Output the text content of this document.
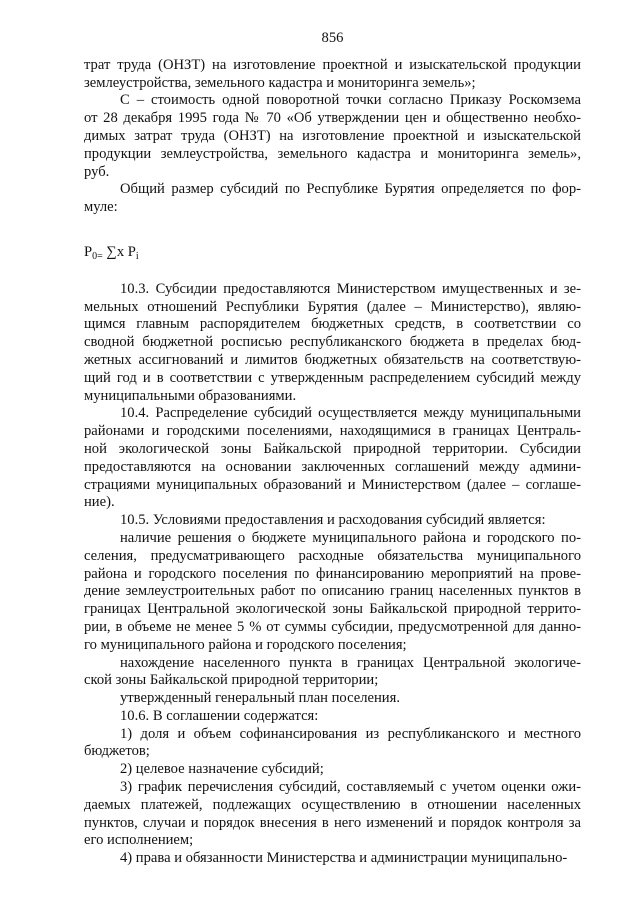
856

трат труда (ОНЗТ) на изготовление проектной и изыскательской продукции

землеустройства, земельного кадастра и мониторинга земель»;

С – стоимость одной поворотной точки согласно Приказу Роскомзема

от 28 декабря 1995 года № 70 «Об утверждении цен и общественно необхо-

димых затрат труда (ОНЗТ) на изготовление проектной и изыскательской

продукции землеустройства, земельного кадастра и мониторинга земель»,

руб.

Общий размер субсидий по Республике Бурятия определяется по фор-

муле:

$P_{0=}$ ∑x $P_i$

10.3. Субсидии предоставляются Министерством имущественных и зе-

мельных отношений Республики Бурятия (далее – Министерство), являю-

щимся главным распорядителем бюджетных средств, в соответствии со

сводной бюджетной росписью республиканского бюджета в пределах бюд-

жетных ассигнований и лимитов бюджетных обязательств на соответствую-

щий год и в соответствии с утвержденным распределением субсидий между

муниципальными образованиями.

10.4. Распределение субсидий осуществляется между муниципальными

районами и городскими поселениями, находящимися в границах Централь-

ной экологической зоны Байкальской природной территории. Субсидии

предоставляются на основании заключенных соглашений между админи-

страциями муниципальных образований и Министерством (далее – соглаше-

ние).

10.5. Условиями предоставления и расходования субсидий является:

наличие решения о бюджете муниципального района и городского по-

селения, предусматривающего расходные обязательства муниципального

района и городского поселения по финансированию мероприятий на прове-

дение землеустроительных работ по описанию границ населенных пунктов в

границах Центральной экологической зоны Байкальской природной террито-

рии, в объеме не менее 5 % от суммы субсидии, предусмотренной для данно-

го муниципального района и городского поселения;

нахождение населенного пункта в границах Центральной экологиче-

ской зоны Байкальской природной территории;

утвержденный генеральный план поселения.

10.6. В соглашении содержатся:

1) доля и объем софинансирования из республиканского и местного

бюджетов;

2) целевое назначение субсидий;

3) график перечисления субсидий, составляемый с учетом оценки ожи-

даемых платежей, подлежащих осуществлению в отношении населенных

пунктов, случаи и порядок внесения в него изменений и порядок контроля за

его исполнением;

4) права и обязанности Министерства и администрации муниципально-
